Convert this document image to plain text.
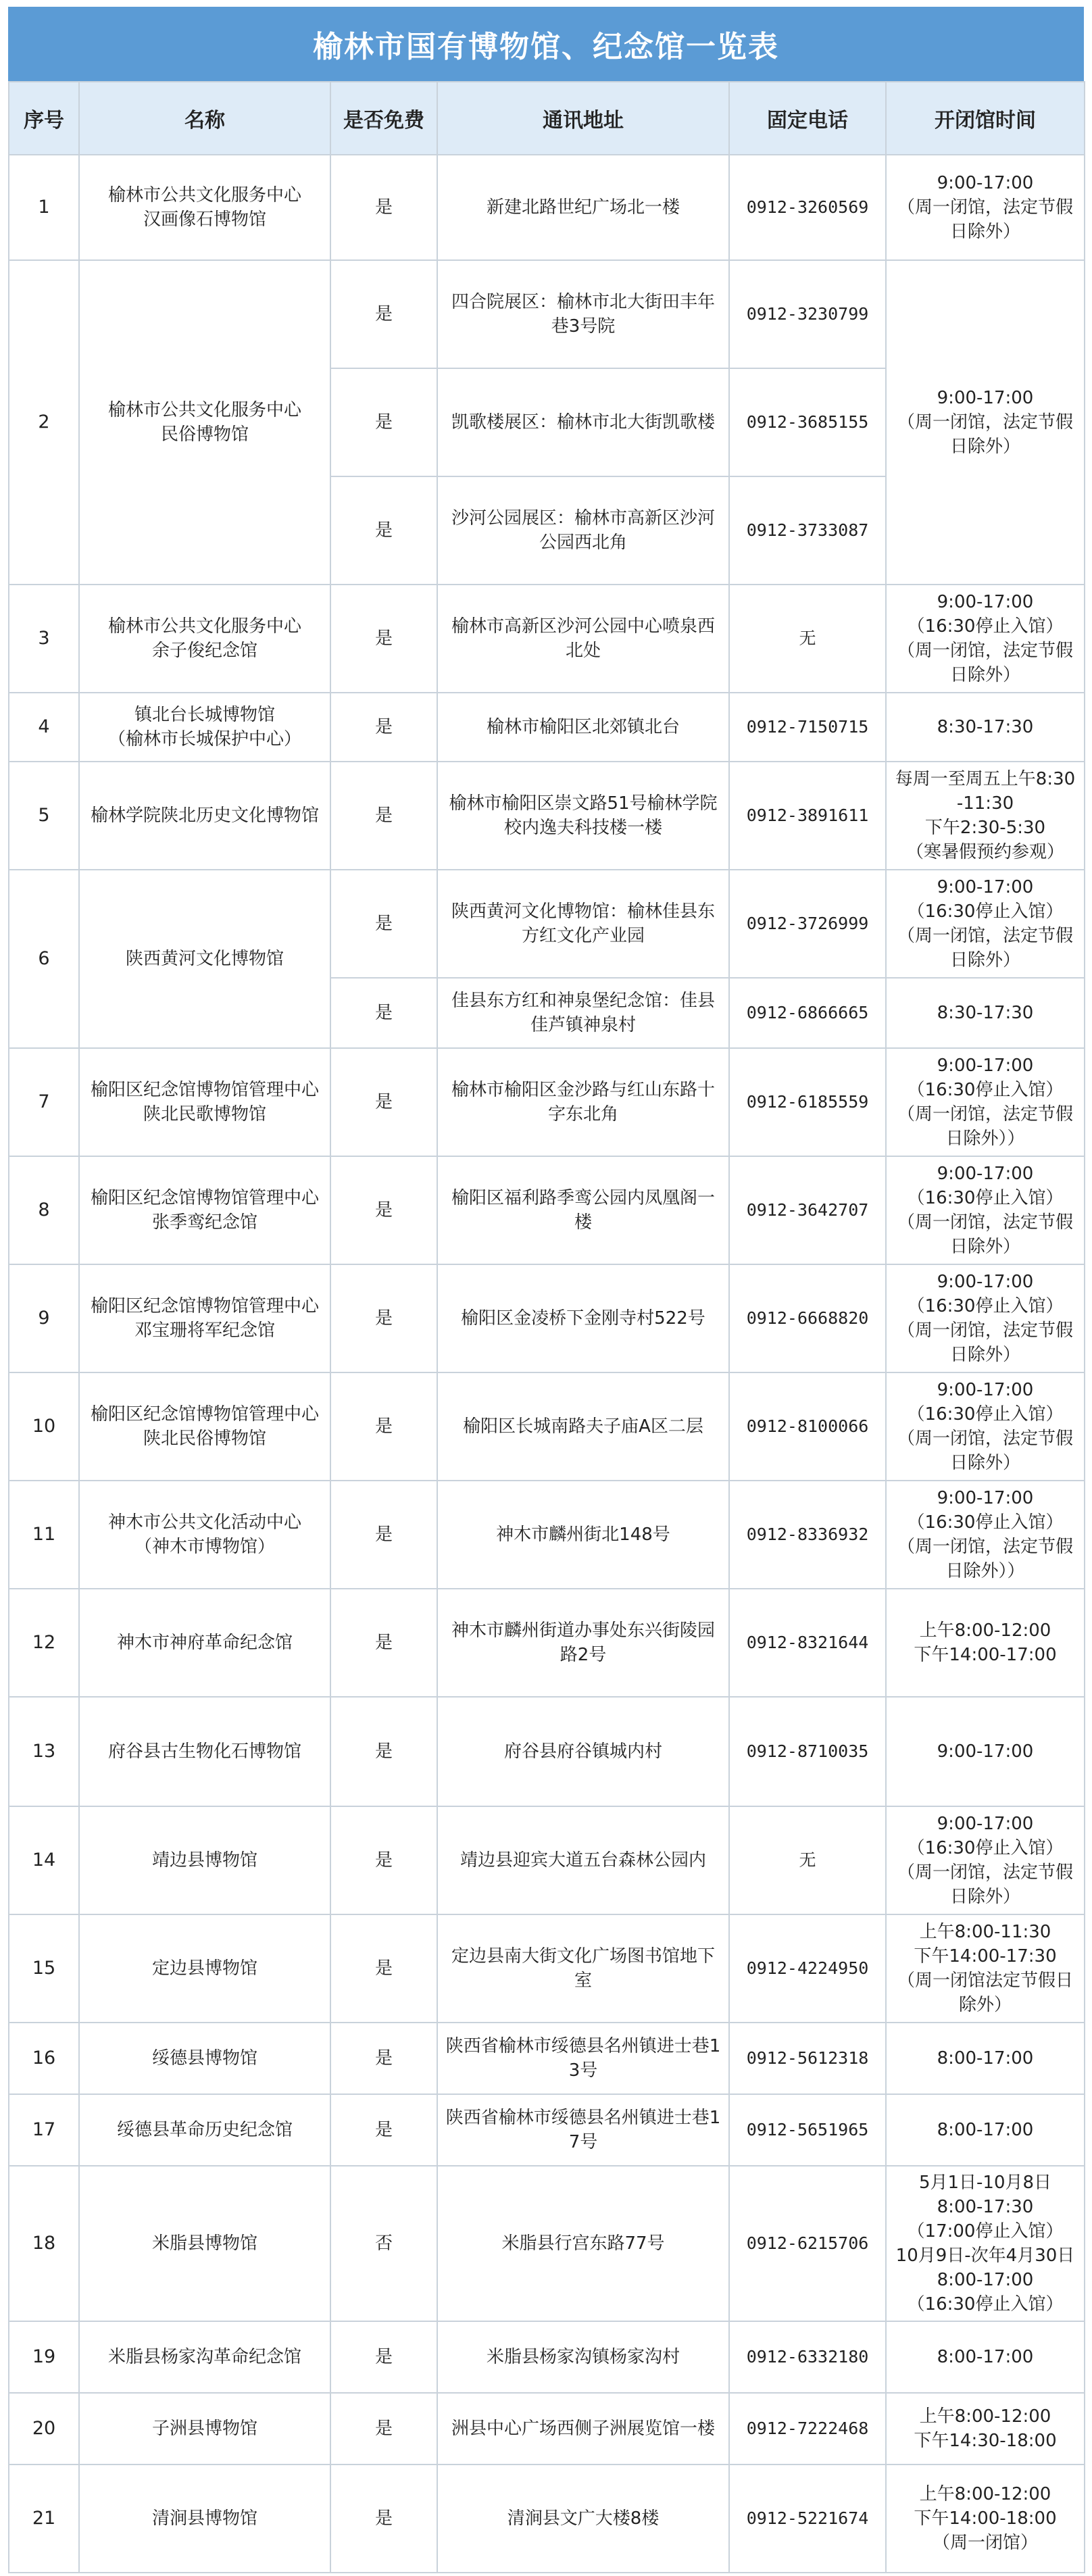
榆林市国有博物馆、纪念馆一览表
序号	名称	是否免费	通讯地址	固定电话	开闭馆时间
1	榆林市公共文化服务中心
汉画像石博物馆	是	新建北路世纪广场北一楼	0912-3260569	9:00-17:00
（周一闭馆，法定节假日除外）
2	榆林市公共文化服务中心
民俗博物馆	是	四合院展区：榆林市北大街田丰年巷3号院	0912-3230799	9:00-17:00
（周一闭馆，法定节假日除外）
		是	凯歌楼展区：榆林市北大街凯歌楼	0912-3685155	
		是	沙河公园展区：榆林市高新区沙河公园西北角	0912-3733087	
3	榆林市公共文化服务中心
余子俊纪念馆	是	榆林市高新区沙河公园中心喷泉西北处	无	9:00-17:00
（16:30停止入馆）
（周一闭馆，法定节假日除外）
4	镇北台长城博物馆
（榆林市长城保护中心）	是	榆林市榆阳区北郊镇北台	0912-7150715	8:30-17:30
5	榆林学院陕北历史文化博物馆	是	榆林市榆阳区崇文路51号榆林学院校内逸夫科技楼一楼	0912-3891611	每周一至周五上午8:30-11:30
下午2:30-5:30
（寒暑假预约参观）
6	陕西黄河文化博物馆	是	陕西黄河文化博物馆：榆林佳县东方红文化产业园	0912-3726999	9:00-17:00
（16:30停止入馆）
（周一闭馆，法定节假日除外）
		是	佳县东方红和神泉堡纪念馆：佳县佳芦镇神泉村	0912-6866665	8:30-17:30
7	榆阳区纪念馆博物馆管理中心
陕北民歌博物馆	是	榆林市榆阳区金沙路与红山东路十字东北角	0912-6185559	9:00-17:00
（16:30停止入馆）
（周一闭馆，法定节假日除外））
8	榆阳区纪念馆博物馆管理中心
张季鸾纪念馆	是	榆阳区福利路季鸾公园内凤凰阁一楼	0912-3642707	9:00-17:00
（16:30停止入馆）
（周一闭馆，法定节假日除外）
9	榆阳区纪念馆博物馆管理中心
邓宝珊将军纪念馆	是	榆阳区金凌桥下金刚寺村522号	0912-6668820	9:00-17:00
（16:30停止入馆）
（周一闭馆，法定节假日除外）
10	榆阳区纪念馆博物馆管理中心
陕北民俗博物馆	是	榆阳区长城南路夫子庙A区二层	0912-8100066	9:00-17:00
（16:30停止入馆）
（周一闭馆，法定节假日除外）
11	神木市公共文化活动中心
（神木市博物馆）	是	神木市麟州街北148号	0912-8336932	9:00-17:00
（16:30停止入馆）
（周一闭馆，法定节假日除外））
12	神木市神府革命纪念馆	是	神木市麟州街道办事处东兴街陵园路2号	0912-8321644	上午8:00-12:00
下午14:00-17:00
13	府谷县古生物化石博物馆	是	府谷县府谷镇城内村	0912-8710035	9:00-17:00
14	靖边县博物馆	是	靖边县迎宾大道五台森林公园内	无	9:00-17:00
（16:30停止入馆）
（周一闭馆，法定节假日除外）
15	定边县博物馆	是	定边县南大街文化广场图书馆地下室	0912-4224950	上午8:00-11:30
下午14:00-17:30
（周一闭馆法定节假日除外）
16	绥德县博物馆	是	陕西省榆林市绥德县名州镇进士巷13号	0912-5612318	8:00-17:00
17	绥德县革命历史纪念馆	是	陕西省榆林市绥德县名州镇进士巷17号	0912-5651965	8:00-17:00
18	米脂县博物馆	否	米脂县行宫东路77号	0912-6215706	5月1日-10月8日
8:00-17:30
（17:00停止入馆）
10月9日-次年4月30日8:00-17:00
（16:30停止入馆）
19	米脂县杨家沟革命纪念馆	是	米脂县杨家沟镇杨家沟村	0912-6332180	8:00-17:00
20	子洲县博物馆	是	洲县中心广场西侧子洲展览馆一楼	0912-7222468	上午8:00-12:00
下午14:30-18:00
21	清涧县博物馆	是	清涧县文广大楼8楼	0912-5221674	上午8:00-12:00
下午14:00-18:00
（周一闭馆）
